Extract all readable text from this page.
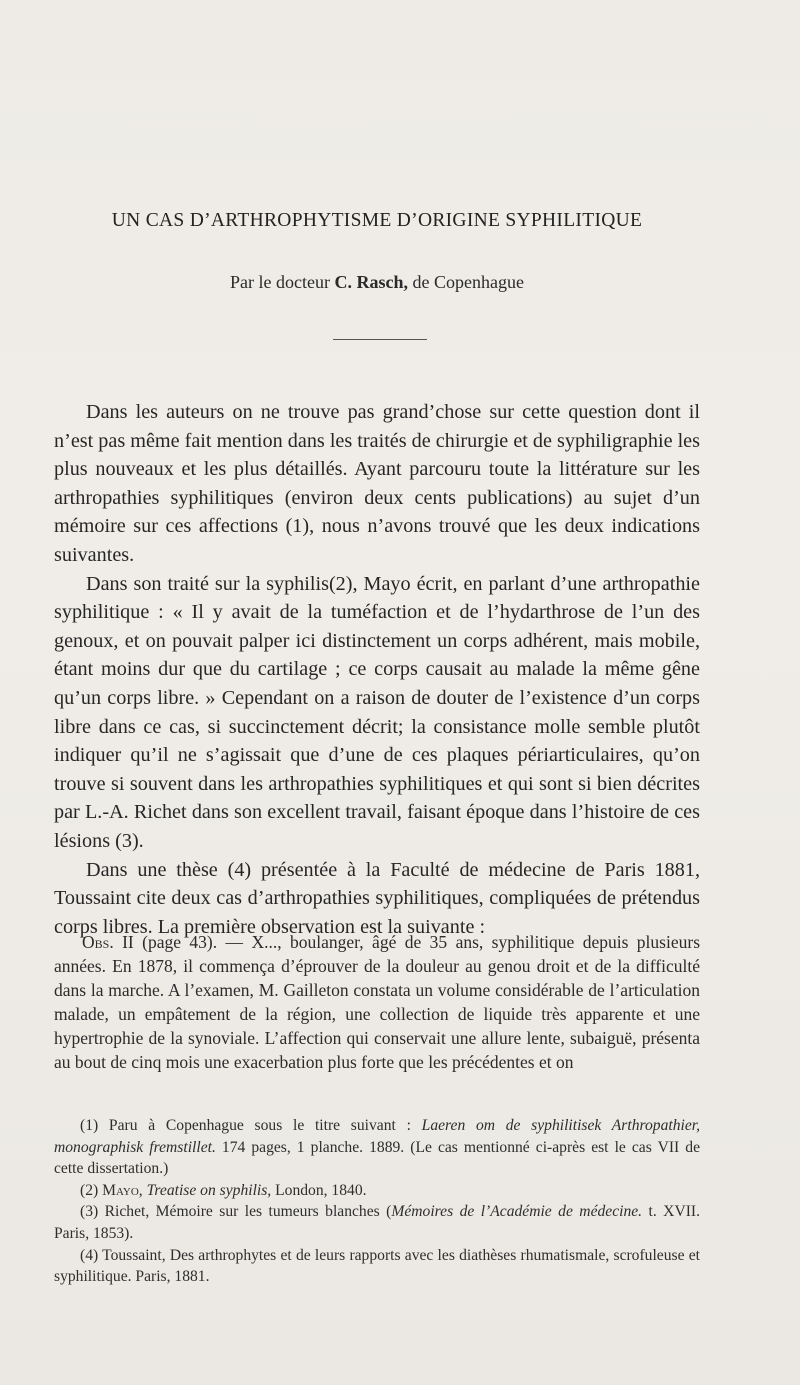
UN CAS D’ARTHROPHYTISME D’ORIGINE SYPHILITIQUE
Par le docteur C. Rasch, de Copenhague

Dans les auteurs on ne trouve pas grand’chose sur cette question dont il n’est pas même fait mention dans les traités de chirurgie et de syphiligraphie les plus nouveaux et les plus détaillés. Ayant parcouru toute la littérature sur les arthropathies syphilitiques (environ deux cents publications) au sujet d’un mémoire sur ces affections (1), nous n’avons trouvé que les deux indications suivantes.

Dans son traité sur la syphilis(2), Mayo écrit, en parlant d’une arthropathie syphilitique : « Il y avait de la tuméfaction et de l’hydarthrose de l’un des genoux, et on pouvait palper ici distinctement un corps adhérent, mais mobile, étant moins dur que du cartilage ; ce corps causait au malade la même gêne qu’un corps libre. » Cependant on a raison de douter de l’existence d’un corps libre dans ce cas, si succinctement décrit; la consistance molle semble plutôt indiquer qu’il ne s’agissait que d’une de ces plaques périarticulaires, qu’on trouve si souvent dans les arthropathies syphilitiques et qui sont si bien décrites par L.-A. Richet dans son excellent travail, faisant époque dans l’histoire de ces lésions (3).

Dans une thèse (4) présentée à la Faculté de médecine de Paris 1881, Toussaint cite deux cas d’arthropathies syphilitiques, compliquées de prétendus corps libres. La première observation est la suivante :

Obs. II (page 43). — X..., boulanger, âgé de 35 ans, syphilitique depuis plusieurs années. En 1878, il commença d’éprouver de la douleur au genou droit et de la difficulté dans la marche. A l’examen, M. Gailleton constata un volume considérable de l’articulation malade, un empâtement de la région, une collection de liquide très apparente et une hypertrophie de la synoviale. L’affection qui conservait une allure lente, subaiguë, présenta au bout de cinq mois une exacerbation plus forte que les précédentes et on

(1) Paru à Copenhague sous le titre suivant : Laeren om de syphilitisek Arthropathier, monographisk fremstillet. 174 pages, 1 planche. 1889. (Le cas mentionné ci-après est le cas VII de cette dissertation.)

(2) Mayo, Treatise on syphilis, London, 1840.

(3) Richet, Mémoire sur les tumeurs blanches (Mémoires de l’Académie de médecine. t. XVII. Paris, 1853).

(4) Toussaint, Des arthrophytes et de leurs rapports avec les diathèses rhumatismale, scrofuleuse et syphilitique. Paris, 1881.
